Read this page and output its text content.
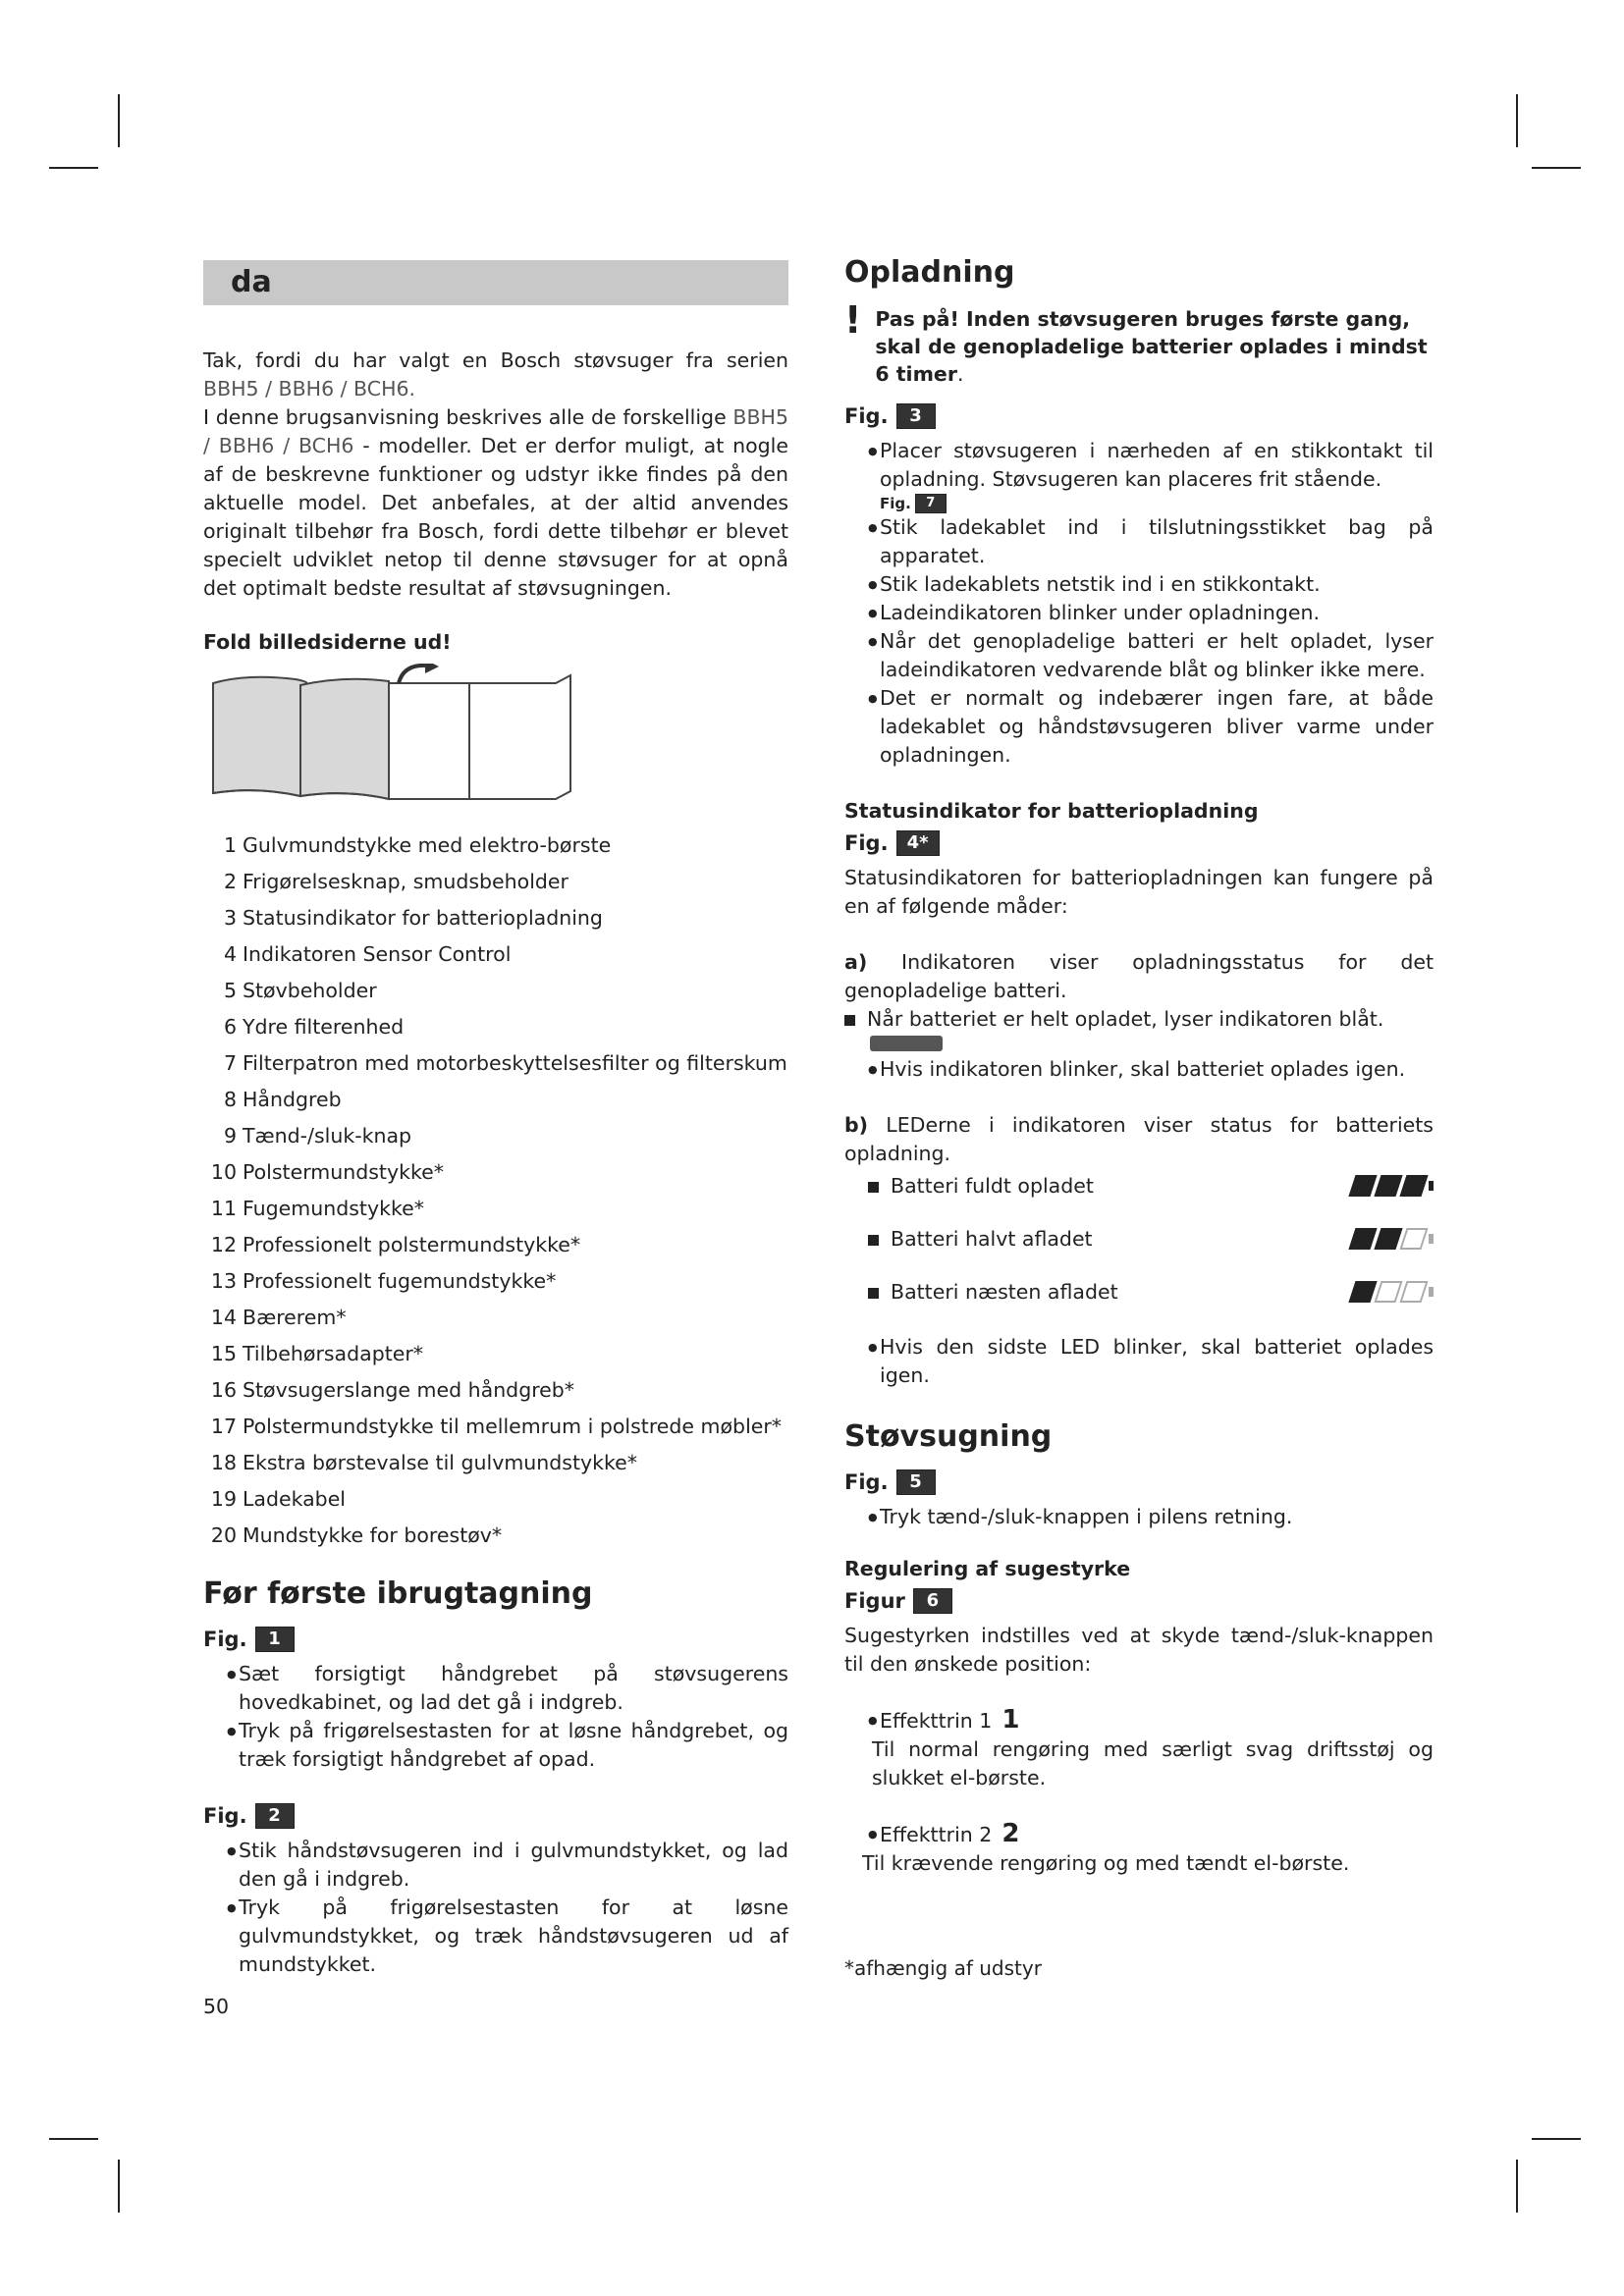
da

Tak, fordi du har valgt en Bosch støvsuger fra serien BBH5 / BBH6 / BCH6.

I denne brugsanvisning beskrives alle de forskellige BBH5 / BBH6 / BCH6 - modeller. Det er derfor muligt, at nogle af de beskrevne funktioner og udstyr ikke findes på den aktuelle model. Det anbefales, at der altid anvendes originalt tilbehør fra Bosch, fordi dette tilbehør er blevet specielt udviklet netop til denne støvsuger for at opnå det optimalt bedste resultat af støvsugningen.

Fold billedsiderne ud!
1 Gulvmundstykke med elektro-børste
2 Frigørelsesknap, smudsbeholder
3 Statusindikator for batteriopladning
4 Indikatoren Sensor Control
5 Støvbeholder
6 Ydre filterenhed
7 Filterpatron med motorbeskyttelsesfilter og filterskum
8 Håndgreb
9 Tænd-/sluk-knap
10 Polstermundstykke*
11 Fugemundstykke*
12 Professionelt polstermundstykke*
13 Professionelt fugemundstykke*
14 Bærerem*
15 Tilbehørsadapter*
16 Støvsugerslange med håndgreb*
17 Polstermundstykke til mellemrum i polstrede møbler*
18 Ekstra børstevalse til gulvmundstykke*
19 Ladekabel
20 Mundstykke for borestøv*
Før første ibrugtagning
Fig.	1
● Sæt forsigtigt håndgrebet på støvsugerens hovedkabinet, og lad det gå i indgreb.
● Tryk på frigørelsestasten for at løsne håndgrebet, og træk forsigtigt håndgrebet af opad.
Fig.	2
● Stik håndstøvsugeren ind i gulvmundstykket, og lad den gå i indgreb.
● Tryk på frigørelsestasten for at løsne gulvmundstykket, og træk håndstøvsugeren ud af mundstykket.

50

Opladning
! Pas på! Inden støvsugeren bruges første gang, skal de genopladelige batterier oplades i mindst 6 timer.

Fig.	3
● Placer støvsugeren i nærheden af en stikkontakt til opladning. Støvsugeren kan placeres frit stående.
Fig.	7
● Stik ladekablet ind i tilslutningsstikket bag på apparatet.
● Stik ladekablets netstik ind i en stikkontakt.
● Ladeindikatoren blinker under opladningen.
● Når det genopladelige batteri er helt opladet, lyser ladeindikatoren vedvarende blåt og blinker ikke mere.
● Det er normalt og indebærer ingen fare, at både ladekablet og håndstøvsugeren bliver varme under opladningen.
Statusindikator for batteriopladning
Fig.	4*

Statusindikatoren for batteriopladningen kan fungere på en af følgende måder:

a) Indikatoren viser opladningsstatus for det genopladelige batteri.

Når batteriet er helt opladet, lyser indikatoren blåt.

● Hvis indikatoren blinker, skal batteriet oplades igen.

b) LEDerne i indikatoren viser status for batteriets opladning.

Batteri fuldt opladet
Batteri halvt afladet
Batteri næsten afladet
● Hvis den sidste LED blinker, skal batteriet oplades igen.
Støvsugning
Fig.	5
● Tryk tænd-/sluk-knappen i pilens retning.
Regulering af sugestyrke
Figur	6

Sugestyrken indstilles ved at skyde tænd-/sluk-knappen til den ønskede position:

● Effekttrin 1 1

Til normal rengøring med særligt svag driftsstøj og slukket el-børste.

● Effekttrin 2 2

Til krævende rengøring og med tændt el-børste.

*afhængig af udstyr
